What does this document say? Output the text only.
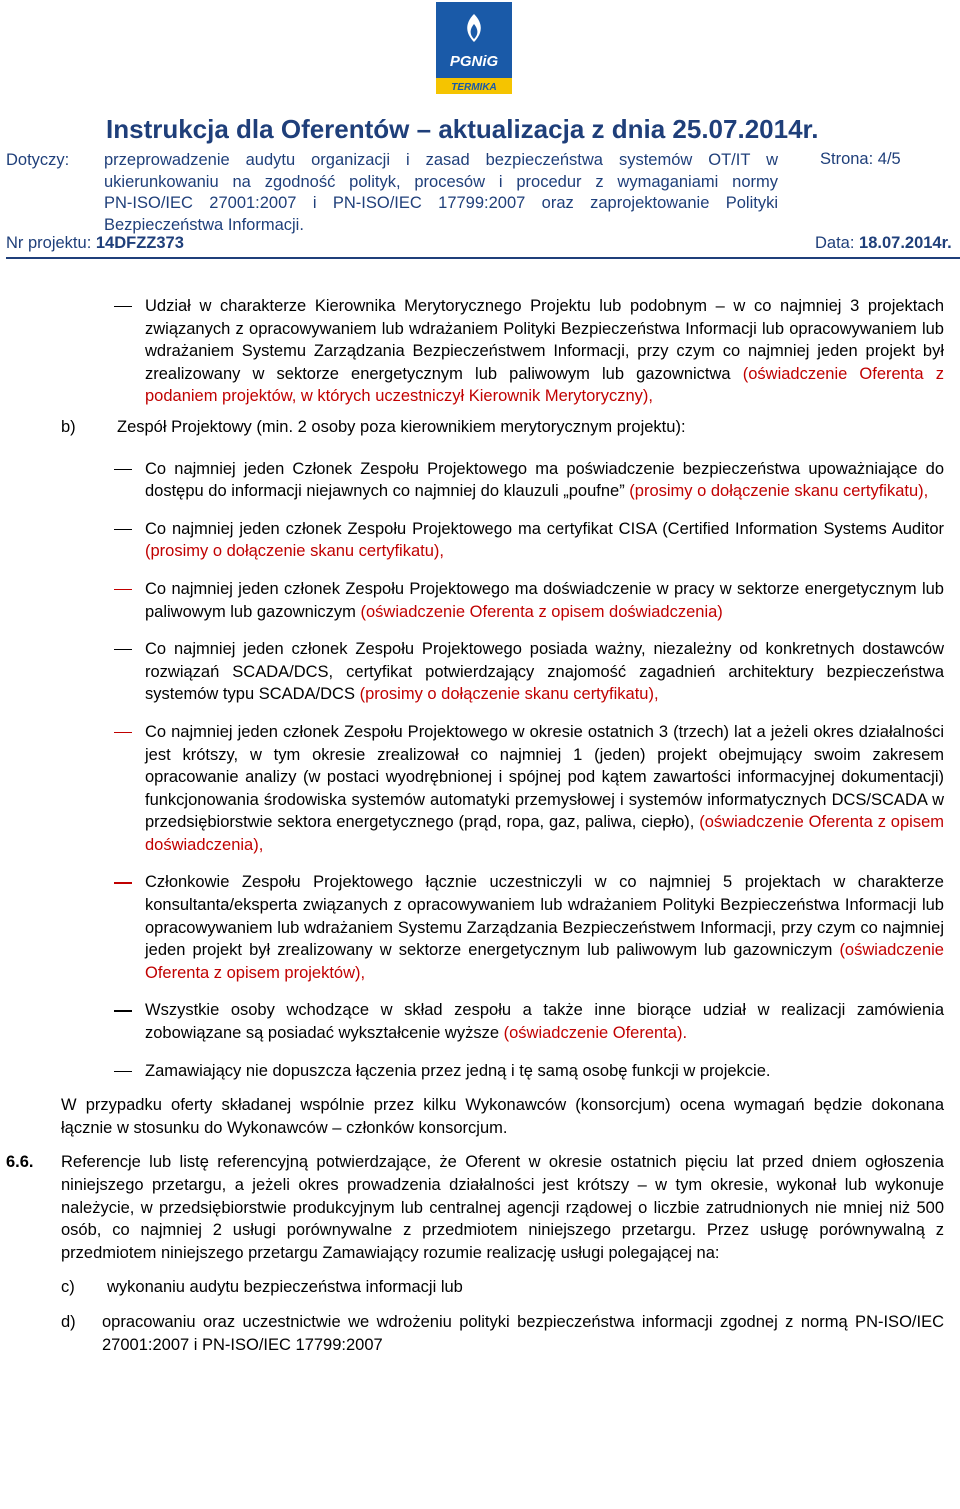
PGNiG
TERMIKA
Instrukcja dla Oferentów – aktualizacja z dnia 25.07.2014r.
Dotyczy: przeprowadzenie audytu organizacji i zasad bezpieczeństwa systemów OT/IT w
ukierunkowaniu na zgodność polityk, procesów i procedur z wymaganiami normy
PN-ISO/IEC 27001:2007 i PN-ISO/IEC 17799:2007 oraz zaprojektowanie Polityki
Bezpieczeństwa Informacji.
Strona: 4/5
Nr projektu: 14DFZZ373	Data: 18.07.2014r.
Udział w charakterze Kierownika Merytorycznego Projektu lub podobnym – w co najmniej 3 projektach związanych z opracowywaniem lub wdrażaniem Polityki Bezpieczeństwa Informacji lub opracowywaniem lub wdrażaniem Systemu Zarządzania Bezpieczeństwem Informacji, przy czym co najmniej jeden projekt był zrealizowany w sektorze energetycznym lub paliwowym lub gazownictwa (oświadczenie Oferenta z podaniem projektów, w których uczestniczył Kierownik Merytoryczny),
b)	Zespół Projektowy (min. 2 osoby poza kierownikiem merytorycznym projektu):
Co najmniej jeden Członek Zespołu Projektowego ma poświadczenie bezpieczeństwa upoważniające do dostępu do informacji niejawnych co najmniej do klauzuli „poufne” (prosimy o dołączenie skanu certyfikatu),
Co najmniej jeden członek Zespołu Projektowego ma certyfikat CISA (Certified Information Systems Auditor (prosimy o dołączenie skanu certyfikatu),
Co najmniej jeden członek Zespołu Projektowego ma doświadczenie w pracy w sektorze energetycznym lub paliwowym lub gazowniczym (oświadczenie Oferenta z opisem doświadczenia)
Co najmniej jeden członek Zespołu Projektowego posiada ważny, niezależny od konkretnych dostawców rozwiązań SCADA/DCS, certyfikat potwierdzający znajomość zagadnień architektury bezpieczeństwa systemów typu SCADA/DCS (prosimy o dołączenie skanu certyfikatu),
Co najmniej jeden członek Zespołu Projektowego w okresie ostatnich 3 (trzech) lat a jeżeli okres działalności jest krótszy, w tym okresie zrealizował co najmniej 1 (jeden) projekt obejmujący swoim zakresem opracowanie analizy (w postaci wyodrębnionej i spójnej pod kątem zawartości informacyjnej dokumentacji) funkcjonowania środowiska systemów automatyki przemysłowej i systemów informatycznych DCS/SCADA w przedsiębiorstwie sektora energetycznego (prąd, ropa, gaz, paliwa, ciepło), (oświadczenie Oferenta z opisem doświadczenia),
Członkowie Zespołu Projektowego łącznie uczestniczyli w co najmniej 5 projektach w charakterze konsultanta/eksperta związanych z opracowywaniem lub wdrażaniem Polityki Bezpieczeństwa Informacji lub opracowywaniem lub wdrażaniem Systemu Zarządzania Bezpieczeństwem Informacji, przy czym co najmniej jeden projekt był zrealizowany w sektorze energetycznym lub paliwowym lub gazowniczym (oświadczenie Oferenta z opisem projektów),
Wszystkie osoby wchodzące w skład zespołu a także inne biorące udział w realizacji zamówienia zobowiązane są posiadać wykształcenie wyższe (oświadczenie Oferenta).
Zamawiający nie dopuszcza łączenia przez jedną i tę samą osobę funkcji w projekcie.
W przypadku oferty składanej wspólnie przez kilku Wykonawców (konsorcjum) ocena wymagań będzie dokonana łącznie w stosunku do Wykonawców – członków konsorcjum.
6.6. Referencje lub listę referencyjną potwierdzające, że Oferent w okresie ostatnich pięciu lat przed dniem ogłoszenia niniejszego przetargu, a jeżeli okres prowadzenia działalności jest krótszy – w tym okresie, wykonał lub wykonuje należycie, w przedsiębiorstwie produkcyjnym lub centralnej agencji rządowej o liczbie zatrudnionych nie mniej niż 500 osób, co najmniej 2 usługi porównywalne z przedmiotem niniejszego przetargu. Przez usługę porównywalną z przedmiotem niniejszego przetargu Zamawiający rozumie realizację usługi polegającej na:
c) wykonaniu audytu bezpieczeństwa informacji lub
d) opracowaniu oraz uczestnictwie we wdrożeniu polityki bezpieczeństwa informacji zgodnej z normą PN-ISO/IEC 27001:2007 i PN-ISO/IEC 17799:2007
